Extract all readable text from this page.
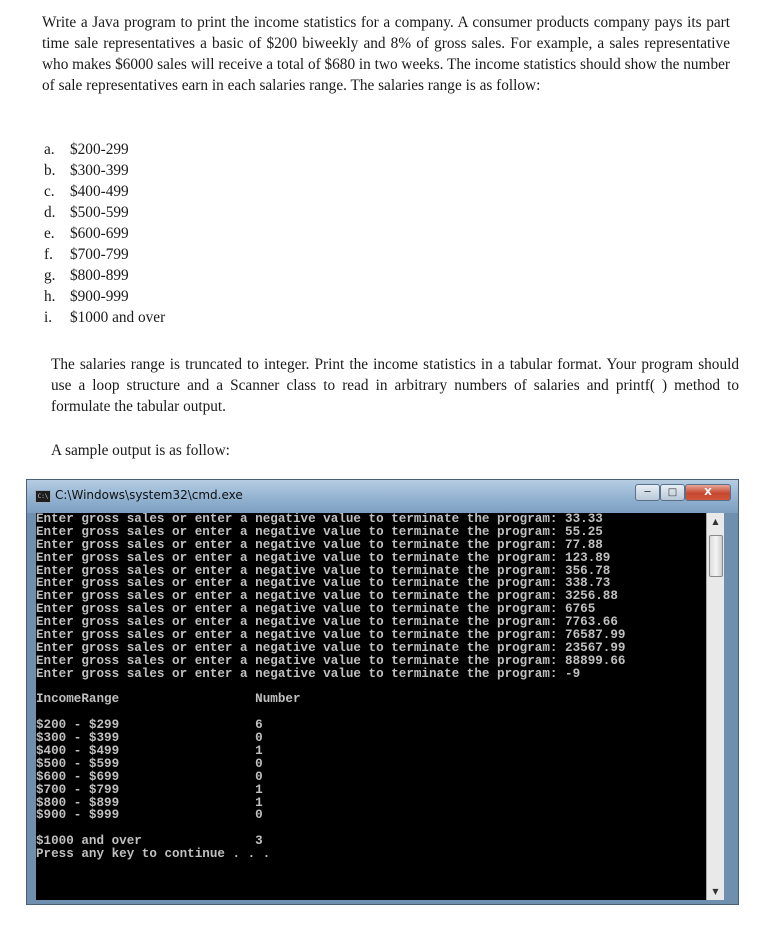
Write a Java program to print the income statistics for a company. A consumer products company pays its part time sale representatives a basic of $200 biweekly and 8% of gross sales. For example, a sales representative who makes $6000 sales will receive a total of $680 in two weeks. The income statistics should show the number of sale representatives earn in each salaries range. The salaries range is as follow:

a.	$200-299
b. $300-399
c.	$400-499
d. $500-599
e.	$600-699
f.	$700-799
g. $800-899
h. $900-999
i.	$1000 and over

The salaries range is truncated to integer. Print the income statistics in a tabular format. Your program should use a loop structure and a Scanner class to read in arbitrary numbers of salaries and printf( ) method to formulate the tabular output.

A sample output is as follow:

C:\ C:\Windows\system32\cmd.exe	─	□	X
Enter gross sales or enter a negative value to terminate the program: 33.33
Enter gross sales or enter a negative value to terminate the program: 55.25
Enter gross sales or enter a negative value to terminate the program: 77.88
Enter gross sales or enter a negative value to terminate the program: 123.89
Enter gross sales or enter a negative value to terminate the program: 356.78
Enter gross sales or enter a negative value to terminate the program: 338.73
Enter gross sales or enter a negative value to terminate the program: 3256.88
Enter gross sales or enter a negative value to terminate the program: 6765
Enter gross sales or enter a negative value to terminate the program: 7763.66
Enter gross sales or enter a negative value to terminate the program: 76587.99
Enter gross sales or enter a negative value to terminate the program: 23567.99
Enter gross sales or enter a negative value to terminate the program: 88899.66
Enter gross sales or enter a negative value to terminate the program: -9
IncomeRange                  Number
$200 - $299                  6
$300 - $399                  0
$400 - $499                  1
$500 - $599                  0
$600 - $699                  0
$700 - $799                  1
$800 - $899                  1
$900 - $999                  0
$1000 and over               3
Press any key to continue . . .
▲
▼
